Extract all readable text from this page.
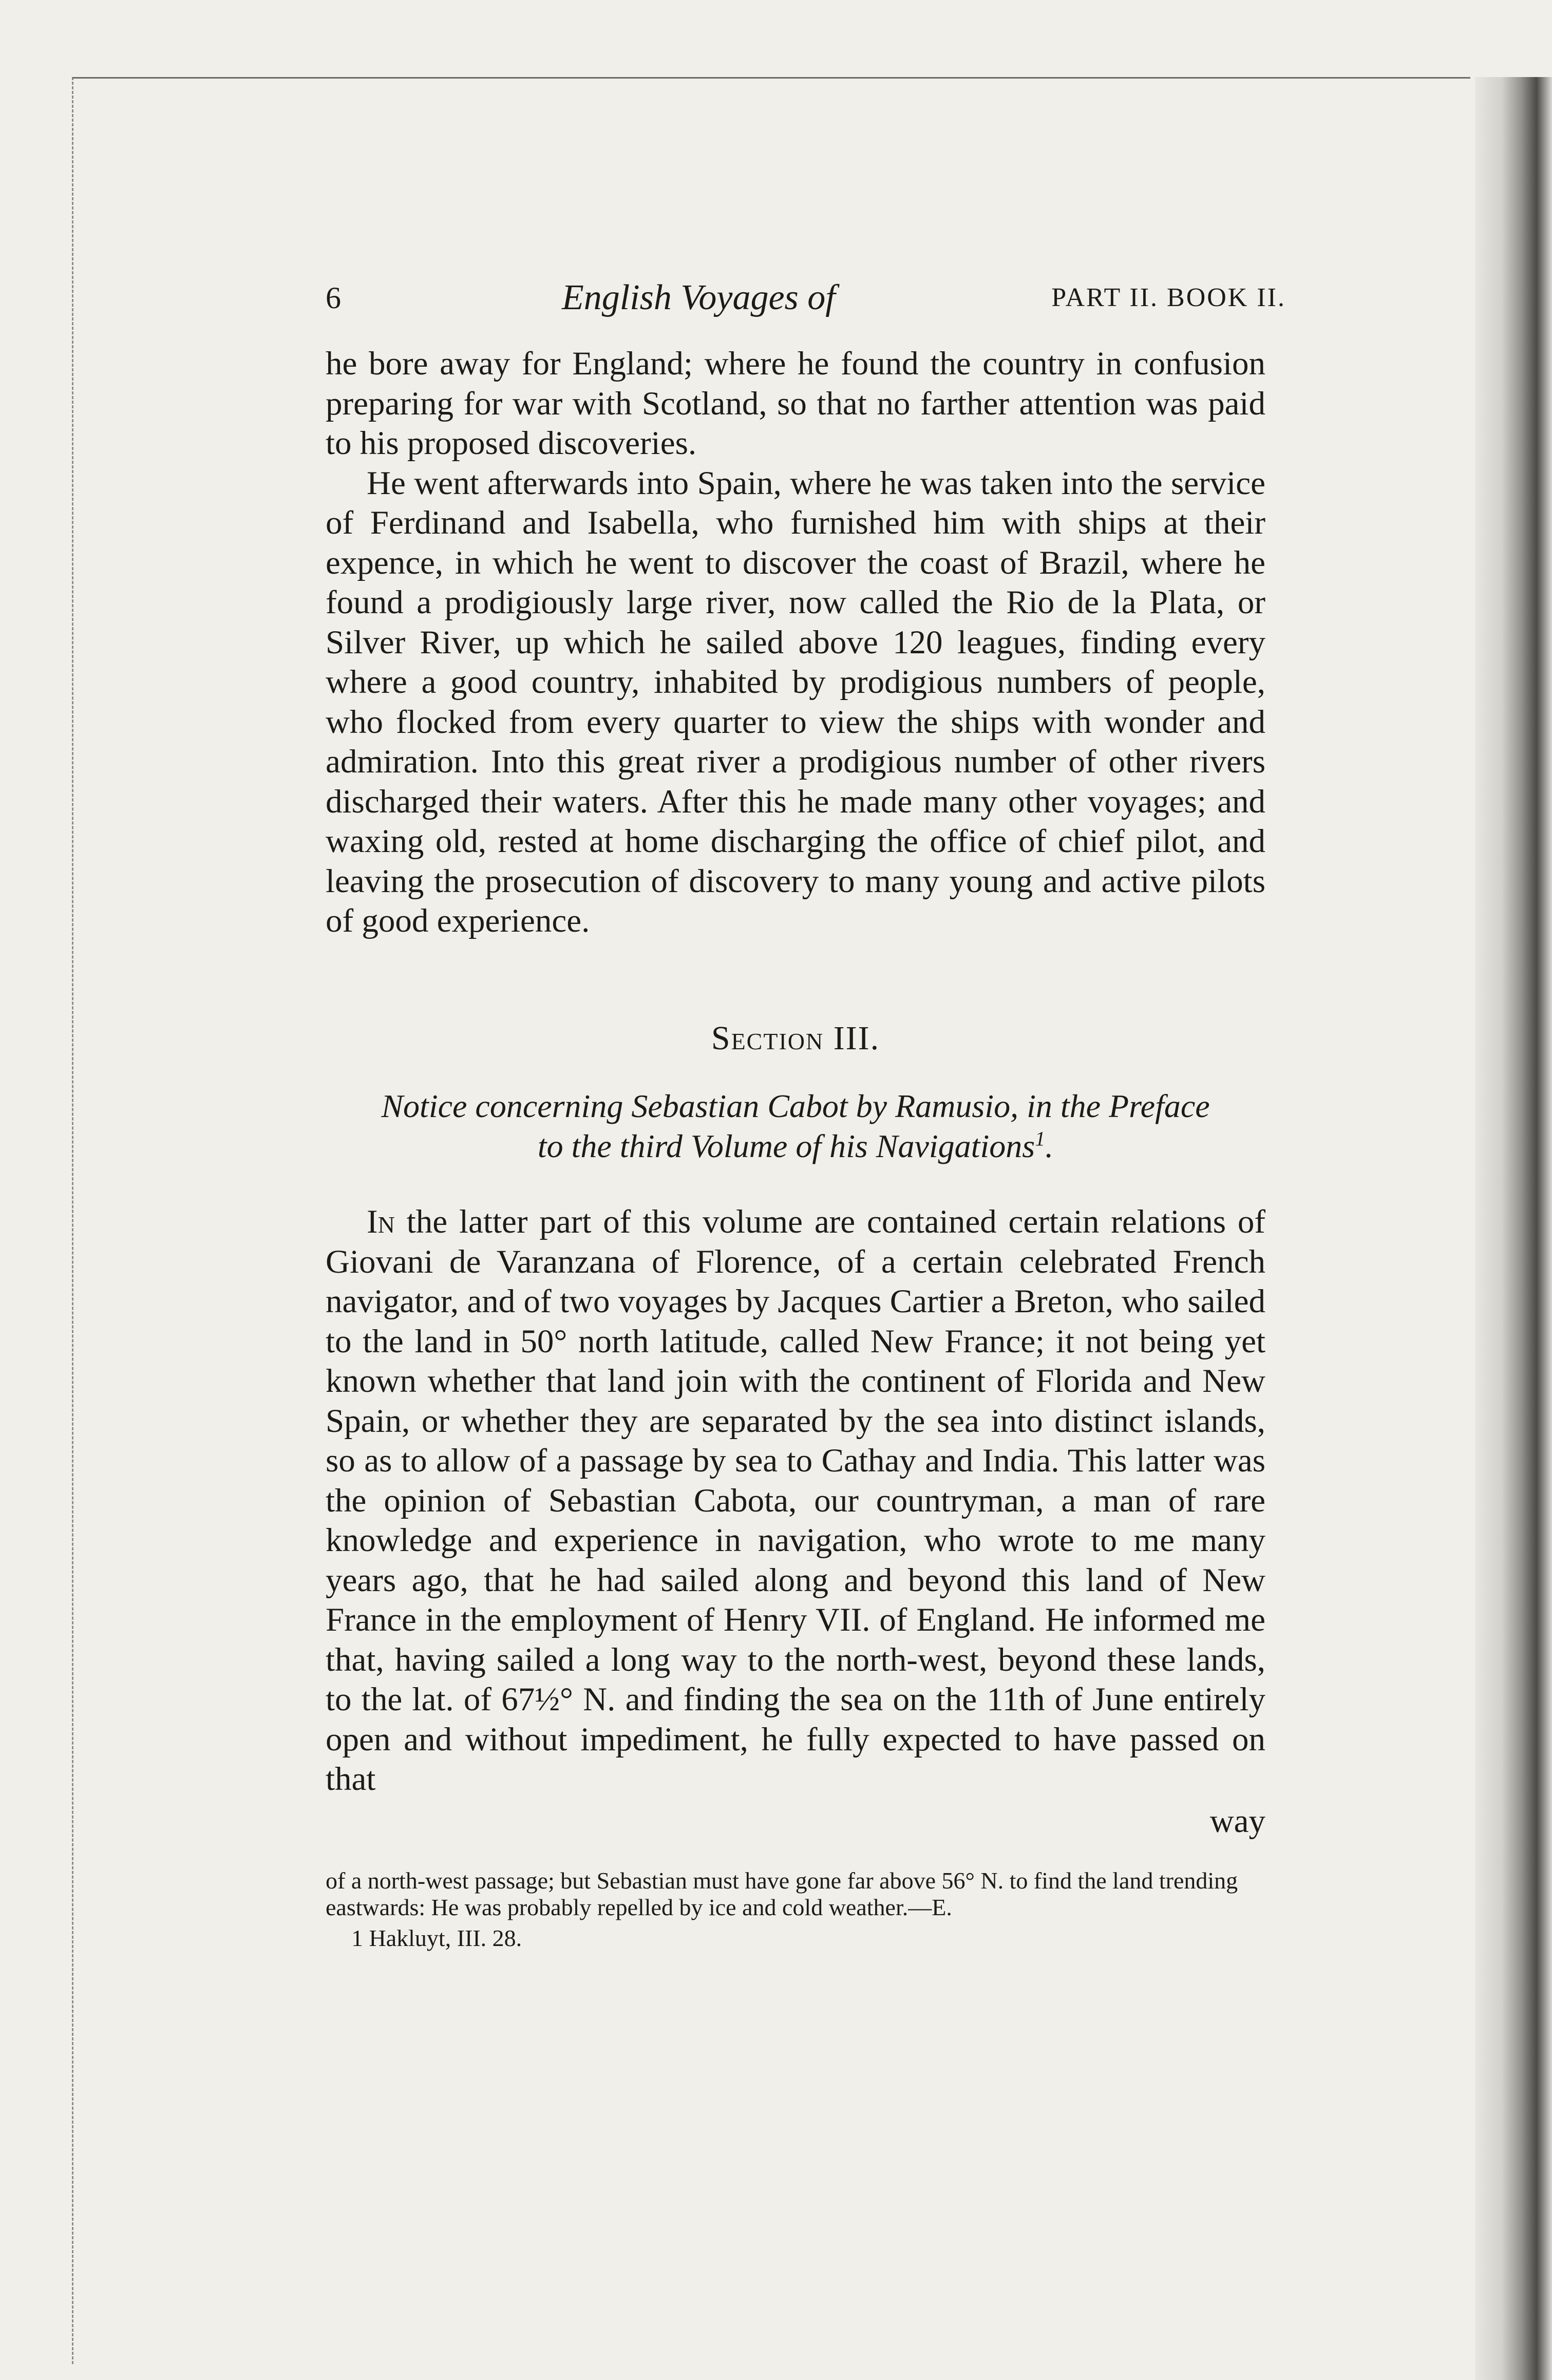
6	English Voyages of	PART II. BOOK II.

he bore away for England; where he found the country in confusion preparing for war with Scotland, so that no farther attention was paid to his proposed discoveries.

He went afterwards into Spain, where he was taken into the service of Ferdinand and Isabella, who furnished him with ships at their expence, in which he went to discover the coast of Brazil, where he found a prodigiously large river, now called the Rio de la Plata, or Silver River, up which he sailed above 120 leagues, finding every where a good country, inhabited by prodigious numbers of people, who flocked from every quarter to view the ships with wonder and admiration. Into this great river a prodigious number of other rivers discharged their waters. After this he made many other voyages; and waxing old, rested at home discharging the office of chief pilot, and leaving the prosecution of discovery to many young and active pilots of good experience.

Section III.
Notice concerning Sebastian Cabot by Ramusio, in the Preface
to the third Volume of his Navigations$^1$.

In the latter part of this volume are contained certain relations of Giovani de Varanzana of Florence, of a certain celebrated French navigator, and of two voyages by Jacques Cartier a Breton, who sailed to the land in 50° north latitude, called New France; it not being yet known whether that land join with the continent of Florida and New Spain, or whether they are separated by the sea into distinct islands, so as to allow of a passage by sea to Cathay and India. This latter was the opinion of Sebastian Cabota, our countryman, a man of rare knowledge and experience in navigation, who wrote to me many years ago, that he had sailed along and beyond this land of New France in the employment of Henry VII. of England. He informed me that, having sailed a long way to the north-west, beyond these lands, to the lat. of 67½° N. and finding the sea on the 11th of June entirely open and without impediment, he fully expected to have passed on that

way

of a north-west passage; but Sebastian must have gone far above 56° N. to find the land trending eastwards: He was probably repelled by ice and cold weather.—E.

1 Hakluyt, III. 28.
